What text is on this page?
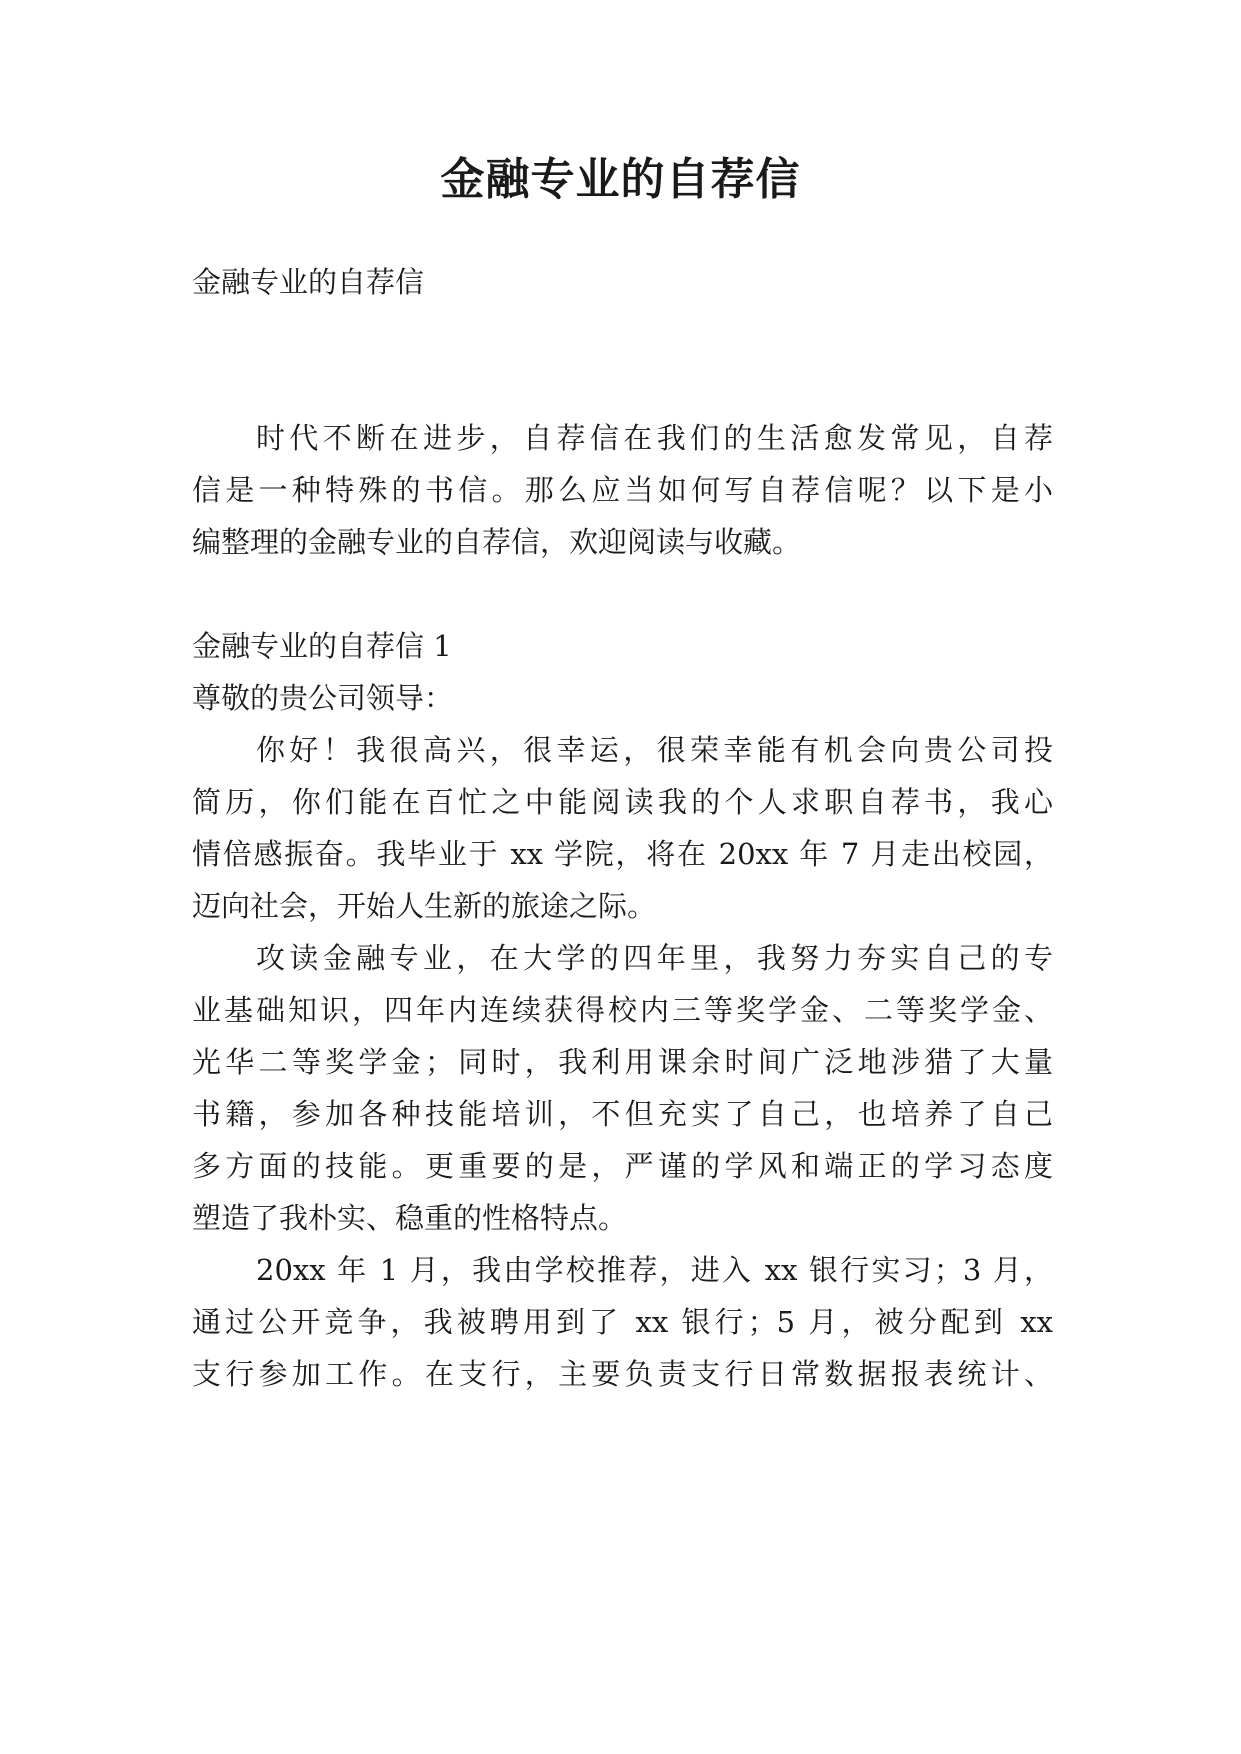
金融专业的自荐信

金融专业的自荐信

时代不断在进步，自荐信在我们的生活愈发常见，自荐

信是一种特殊的书信。那么应当如何写自荐信呢？以下是小

编整理的金融专业的自荐信，欢迎阅读与收藏。

金融专业的自荐信 1

尊敬的贵公司领导：

你好！我很高兴，很幸运，很荣幸能有机会向贵公司投

简历，你们能在百忙之中能阅读我的个人求职自荐书，我心

情倍感振奋。我毕业于 xx 学院，将在 20xx 年 7 月走出校园，

迈向社会，开始人生新的旅途之际。

攻读金融专业，在大学的四年里，我努力夯实自己的专

业基础知识，四年内连续获得校内三等奖学金、二等奖学金、

光华二等奖学金；同时，我利用课余时间广泛地涉猎了大量

书籍，参加各种技能培训，不但充实了自己，也培养了自己

多方面的技能。更重要的是，严谨的学风和端正的学习态度

塑造了我朴实、稳重的性格特点。

20xx 年 1 月，我由学校推荐，进入 xx 银行实习；3 月，

通过公开竞争，我被聘用到了 xx 银行；5 月，被分配到 xx

支行参加工作。在支行，主要负责支行日常数据报表统计、
